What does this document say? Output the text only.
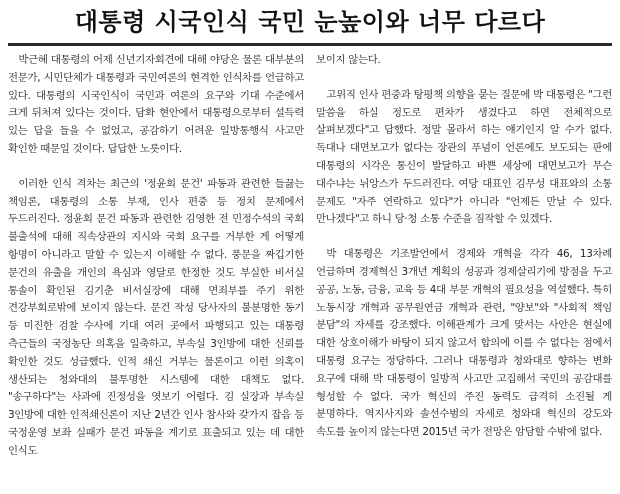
대통령 시국인식 국민 눈높이와 너무 다르다

박근혜 대통령의 어제 신년기자회견에 대해 야당은 물론 대부분의 전문가, 시민단체가 대통령과 국민여론의 현격한 인식차를 언급하고 있다. 대통령의 시국인식이 국민과 여론의 요구와 기대 수준에서 크게 뒤처져 있다는 것이다. 담화 현안에서 대통령으로부터 설득력 있는 답을 들을 수 없었고, 공감하기 어려운 일방통행식 사고만 확인한 때문일 것이다. 답답한 노릇이다.

이러한 인식 격차는 최근의 '정윤회 문건' 파동과 관련한 들끓는 책임론, 대통령의 소통 부재, 인사 편중 등 정치 문제에서 두드러진다. 정윤회 문건 파동과 관련한 김영한 전 민정수석의 국회 불출석에 대해 직속상관의 지시와 국회 요구를 거부한 게 어떻게 항명이 아니라고 말할 수 있는지 이해할 수 없다. 풍문을 짜깁기한 문건의 유출을 개인의 욕심과 영달로 한정한 것도 부실한 비서실 통솔이 확인된 김기춘 비서실장에 대해 면죄부를 주기 위한 견강부회로밖에 보이지 않는다. 문건 작성 당사자의 불분명한 동기 등 미진한 검찰 수사에 기대 여러 곳에서 파행되고 있는 대통령 측근들의 국정농단 의혹을 일축하고, 부속실 3인방에 대한 신뢰를 확인한 것도 성급했다. 인적 쇄신 거부는 물론이고 이런 의혹이 생산되는 청와대의 불투명한 시스템에 대한 대책도 없다. "송구하다"는 사과에 진정성을 엿보기 어렵다. 김 실장과 부속실 3인방에 대한 인적쇄신론이 지난 2년간 인사 참사와 갖가지 잡음 등 국정운영 보좌 실패가 문건 파동을 계기로 표출되고 있는 데 대한 인식도

보이지 않는다.

고위직 인사 편중과 탕평책 의향을 묻는 질문에 박 대통령은 "그런 말씀을 하실 정도로 편차가 생겼다고 하면 전체적으로 살펴보겠다"고 답했다. 정말 몰라서 하는 얘기인지 알 수가 없다. 독대나 대면보고가 없다는 장관의 푸념이 언론에도 보도되는 판에 대통령의 시각은 통신이 발달하고 바쁜 세상에 대면보고가 무슨 대수냐는 뉘앙스가 두드러진다. 여당 대표인 김무성 대표와의 소통 문제도 "자주 연락하고 있다"가 아니라 "언제든 만날 수 있다. 만나겠다"고 하니 당·청 소통 수준을 짐작할 수 있겠다.

박 대통령은 기조발언에서 경제와 개혁을 각각 46, 13차례 언급하며 경제혁신 3개년 계획의 성공과 경제살리기에 방점을 두고 공공, 노동, 금융, 교육 등 4대 부문 개혁의 필요성을 역설했다. 특히 노동시장 개혁과 공무원연금 개혁과 관련, "양보"와 "사회적 책임 분담"의 자세를 강조했다. 이해관계가 크게 맞서는 사안은 현실에 대한 상호이해가 바탕이 되지 않고서 합의에 이를 수 없다는 점에서 대통령 요구는 정당하다. 그러나 대통령과 청와대로 향하는 변화 요구에 대해 박 대통령이 일방적 사고만 고집해서 국민의 공감대를 형성할 수 없다. 국가 혁신의 주진 동력도 급격히 소진될 게 분명하다. 역지사지와 솔선수범의 자세로 청와대 혁신의 강도와 속도를 높이지 않는다면 2015년 국가 전망은 암담할 수밖에 없다.
